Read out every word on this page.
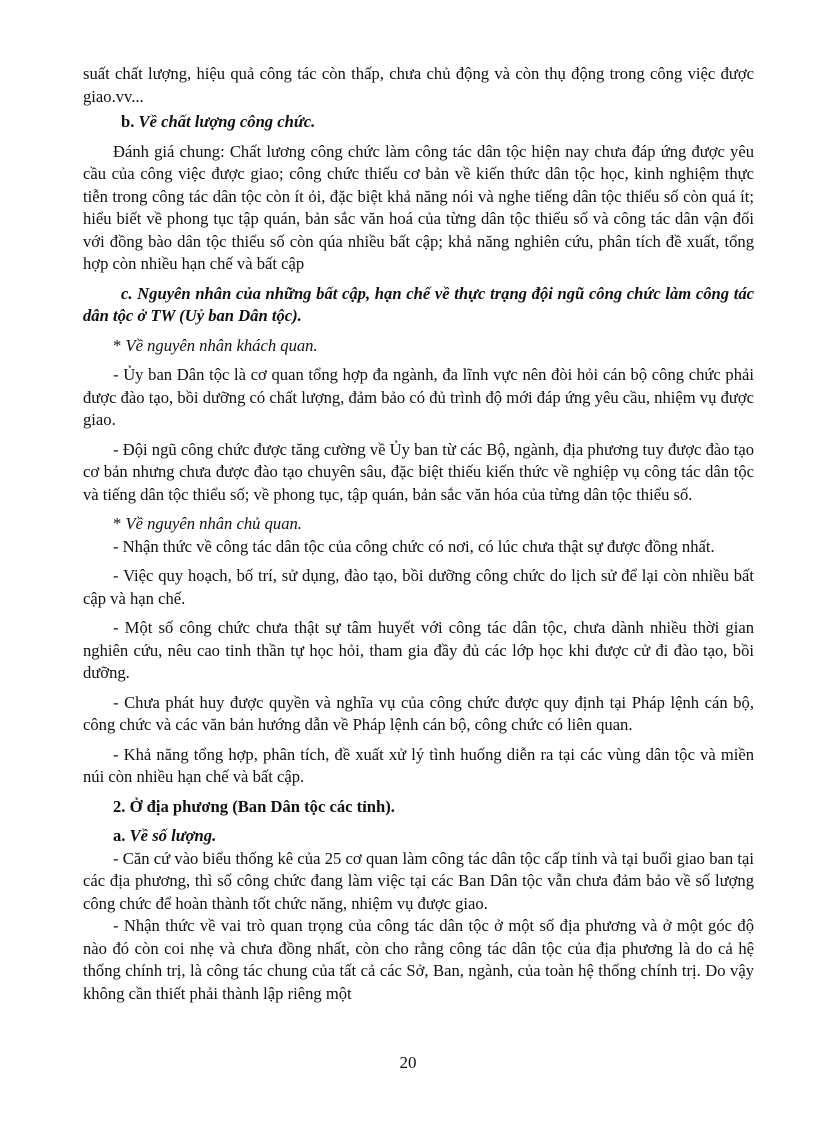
suất chất lượng, hiệu quả công tác còn thấp, chưa chủ động và còn thụ động trong công việc được giao.vv...

b. Về chất lượng công chức.

Đánh giá chung: Chất lương công chức làm công tác dân tộc hiện nay chưa đáp ứng được yêu cầu của công việc được giao; công chức thiếu cơ bản về kiến thức dân tộc học, kinh nghiệm thực tiễn trong công tác dân tộc còn ít ỏi, đặc biệt khả năng nói và nghe tiếng dân tộc thiểu số còn quá ít; hiểu biết về phong tục tập quán, bản sắc văn hoá của từng dân tộc thiểu số và công tác dân vận đối với đồng bào dân tộc thiểu số còn qúa nhiều bất cập; khả năng nghiên cứu, phân tích đề xuất, tổng hợp còn nhiều hạn chế và bất cập

c. Nguyên nhân của những bất cập, hạn chế về thực trạng đội ngũ công chức làm công tác dân tộc ở TW (Uỷ ban Dân tộc).

* Về nguyên nhân khách quan.

- Ủy ban Dân tộc là cơ quan tổng hợp đa ngành, đa lĩnh vực nên đòi hỏi cán bộ công chức phải được đào tạo, bồi dưỡng có chất lượng, đảm bảo có đủ trình độ mới đáp ứng yêu cầu, nhiệm vụ được giao.

- Đội ngũ công chức được tăng cường về Ủy ban từ các Bộ, ngành, địa phương tuy được đào tạo cơ bản nhưng chưa được đào tạo chuyên sâu, đặc biệt thiếu kiến thức về nghiệp vụ công tác dân tộc và tiếng dân tộc thiểu số; về phong tục, tập quán, bản sắc văn hóa của từng dân tộc thiểu số.

* Về nguyên nhân chủ quan.

- Nhận thức về công tác dân tộc của công chức có nơi, có lúc chưa thật sự được đồng nhất.

- Việc quy hoạch, bố trí, sử dụng, đào tạo, bồi dưỡng công chức do lịch sử để lại còn nhiều bất cập và hạn chế.

- Một số công chức chưa thật sự tâm huyết với công tác dân tộc, chưa dành nhiều thời gian nghiên cứu, nêu cao tinh thần tự học hỏi, tham gia đầy đủ các lớp học khi được cử đi đào tạo, bồi dưỡng.

- Chưa phát huy được quyền và nghĩa vụ của công chức được quy định tại Pháp lệnh cán bộ, công chức và các văn bản hướng dẫn về Pháp lệnh cán bộ, công chức có liên quan.

- Khả năng tổng hợp, phân tích, đề xuất xử lý tình huống diễn ra tại các vùng dân tộc và miền núi còn nhiều hạn chế và bất cập.

2. Ở địa phương (Ban Dân tộc các tỉnh).

a. Về số lượng.

- Căn cứ vào biểu thống kê của 25 cơ quan làm công tác dân tộc cấp tỉnh và tại buổi giao ban tại các địa phương, thì số công chức đang làm việc tại các Ban Dân tộc vẫn chưa đảm bảo về số lượng công chức để hoàn thành tốt chức năng, nhiệm vụ được giao.

- Nhận thức về vai trò quan trọng của công tác dân tộc ở một số địa phương và ở một góc độ nào đó còn coi nhẹ và chưa đồng nhất, còn cho rằng công tác dân tộc của địa phương là do cả hệ thống chính trị, là công tác chung của tất cả các Sở, Ban, ngành, của toàn hệ thống chính trị. Do vậy không cần thiết phải thành lập riêng một

20
